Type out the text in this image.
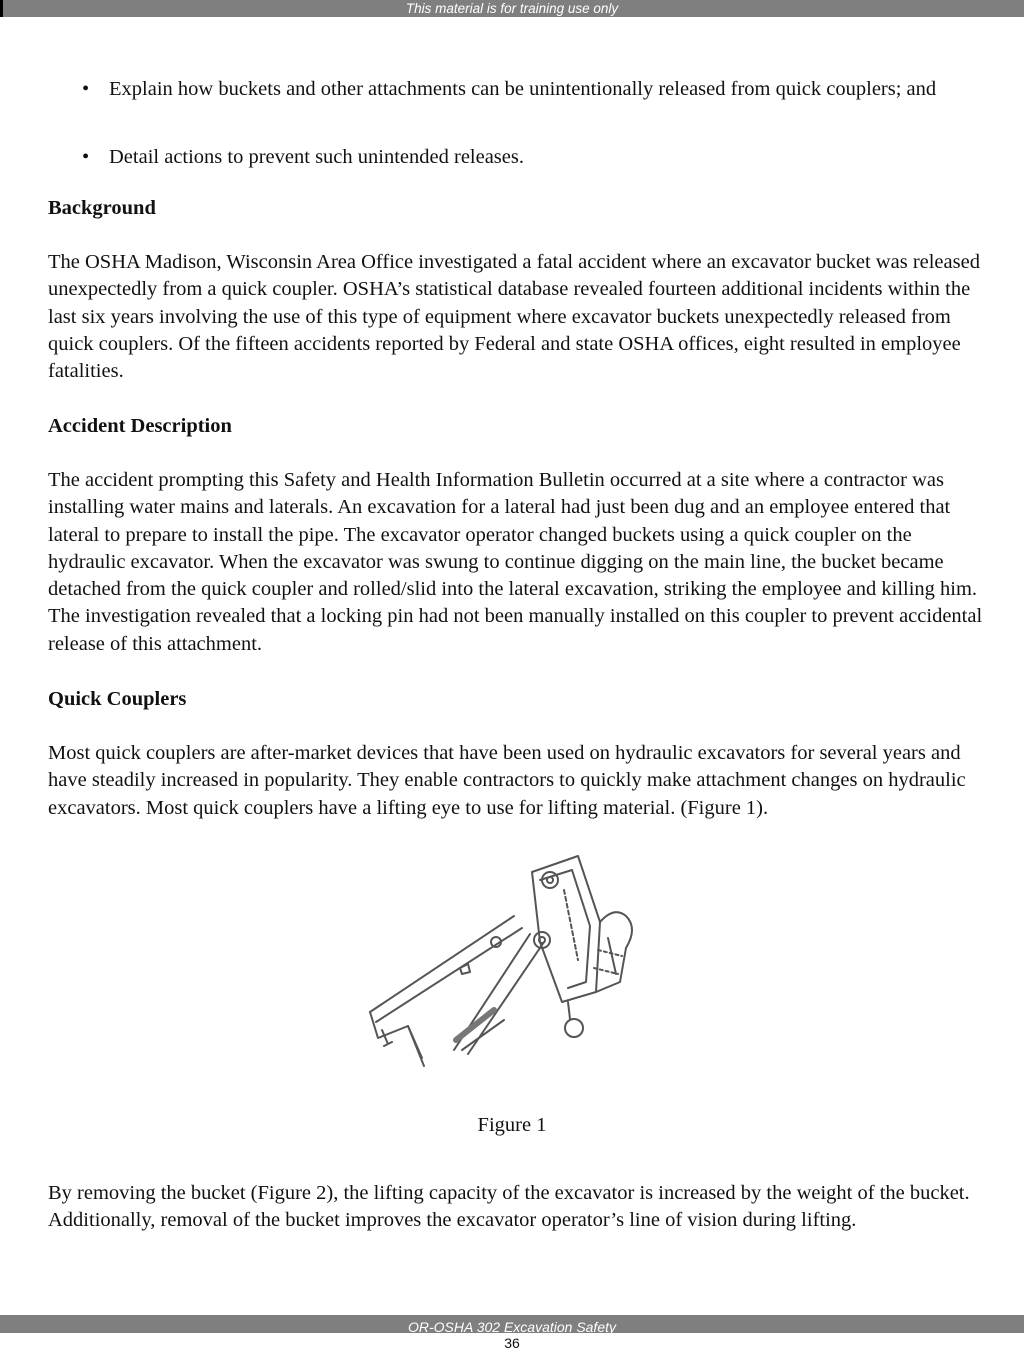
This material is for training use only
• Explain how buckets and other attachments can be unintentionally released from quick couplers; and
• Detail actions to prevent such unintended releases.
Background

The OSHA Madison, Wisconsin Area Office investigated a fatal accident where an excavator bucket was released unexpectedly from a quick coupler. OSHA’s statistical database revealed fourteen additional incidents within the last six years involving the use of this type of equipment where excavator buckets unexpectedly released from quick couplers. Of the fifteen accidents reported by Federal and state OSHA offices, eight resulted in employee fatalities.

Accident Description

The accident prompting this Safety and Health Information Bulletin occurred at a site where a contractor was installing water mains and laterals. An excavation for a lateral had just been dug and an employee entered that lateral to prepare to install the pipe. The excavator operator changed buckets using a quick coupler on the hydraulic excavator. When the excavator was swung to continue digging on the main line, the bucket became detached from the quick coupler and rolled/slid into the lateral excavation, striking the employee and killing him. The investigation revealed that a locking pin had not been manually installed on this coupler to prevent accidental release of this attachment.

Quick Couplers

Most quick couplers are after-market devices that have been used on hydraulic excavators for several years and have steadily increased in popularity. They enable contractors to quickly make attachment changes on hydraulic excavators. Most quick couplers have a lifting eye to use for lifting material. (Figure 1).

By removing the bucket (Figure 2), the lifting capacity of the excavator is increased by the weight of the bucket. Additionally, removal of the bucket improves the excavator operator’s line of vision during lifting.

Figure 1
OR-OSHA 302 Excavation Safety
36
